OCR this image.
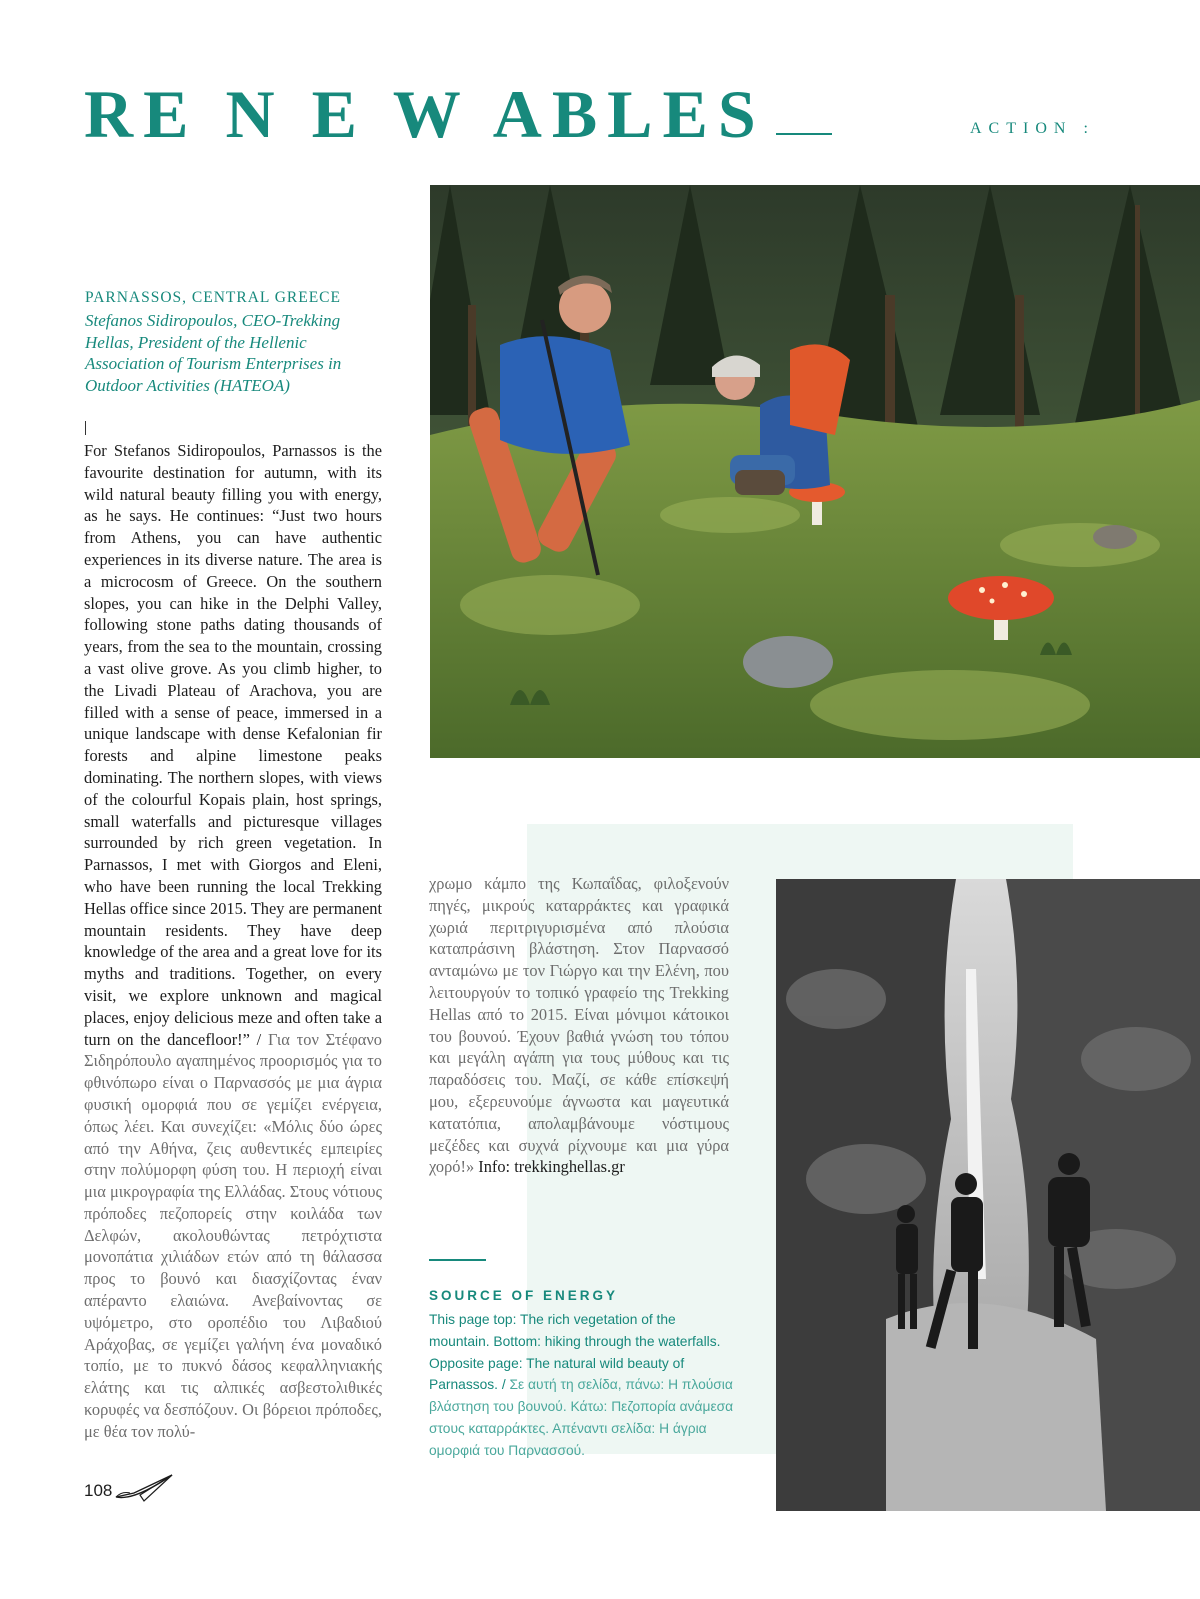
RE N E W ABLES	ACTION :
PARNASSOS, CENTRAL GREECE

Stefanos Sidiropoulos, CEO-Trekking Hellas, President of the Hellenic Association of Tourism Enterprises in Outdoor Activities (HATEOA)

For Stefanos Sidiropoulos, Parnassos is the favourite destination for autumn, with its wild natural beauty filling you with energy, as he says. He continues: “Just two hours from Athens, you can have authentic experiences in its diverse nature. The area is a microcosm of Greece. On the southern slopes, you can hike in the Delphi Valley, following stone paths dating thousands of years, from the sea to the mountain, crossing a vast olive grove. As you climb higher, to the Livadi Plateau of Arachova, you are filled with a sense of peace, immersed in a unique landscape with dense Kefalonian fir forests and alpine limestone peaks dominating. The northern slopes, with views of the colourful Kopais plain, host springs, small waterfalls and picturesque villages surrounded by rich green vegetation. In Parnassos, I met with Giorgos and Eleni, who have been running the local Trekking Hellas office since 2015. They are permanent mountain residents. They have deep knowledge of the area and a great love for its myths and traditions. Together, on every visit, we explore unknown and magical places, enjoy delicious meze and often take a turn on the dancefloor!” / Για τον Στέφανο Σιδηρόπουλο αγαπημένος προορισμός για το φθινόπωρο είναι ο Παρνασσός με μια άγρια φυσική ομορφιά που σε γεμίζει ενέργεια, όπως λέει. Και συνεχίζει: «Μόλις δύο ώρες από την Αθήνα, ζεις αυθεντικές εμπειρίες στην πολύμορφη φύση του. Η περιοχή είναι μια μικρογραφία της Ελλάδας. Στους νότιους πρόποδες πεζοπορείς στην κοιλάδα των Δελφών, ακολουθώντας πετρόχτιστα μονοπάτια χιλιάδων ετών από τη θάλασσα προς το βουνό και διασχίζοντας έναν απέραντο ελαιώνα. Ανεβαίνοντας σε υψόμετρο, στο οροπέδιο του Λιβαδιού Αράχοβας, σε γεμίζει γαλήνη ένα μοναδικό τοπίο, με το πυκνό δάσος κεφαλληνιακής ελάτης και τις αλπικές ασβεστολιθικές κορυφές να δεσπόζουν. Οι βόρειοι πρόποδες, με θέα τον πολύ-

χρωμο κάμπο της Κωπαΐδας, φιλοξενούν πηγές, μικρούς καταρράκτες και γραφικά χωριά περιτριγυρισμένα από πλούσια καταπράσινη βλάστηση. Στον Παρνασσό ανταμώνω με τον Γιώργο και την Ελένη, που λειτουργούν το τοπικό γραφείο της Trekking Hellas από το 2015. Είναι μόνιμοι κάτοικοι του βουνού. Έχουν βαθιά γνώση του τόπου και μεγάλη αγάπη για τους μύθους και τις παραδόσεις του. Μαζί, σε κάθε επίσκεψή μου, εξερευνούμε άγνωστα και μαγευτικά κατατόπια, απολαμβάνουμε νόστιμους μεζέδες και συχνά ρίχνουμε και μια γύρα χορό!» Info: trekkinghellas.gr

SOURCE OF ENERGY

This page top: The rich vegetation of the mountain. Bottom: hiking through the waterfalls. Opposite page: The natural wild beauty of Parnassos. / Σε αυτή τη σελίδα, πάνω: Η πλούσια βλάστηση του βουνού. Κάτω: Πεζοπορία ανάμεσα στους καταρράκτες. Απέναντι σελίδα: Η άγρια ομορφιά του Παρνασσού.

108
